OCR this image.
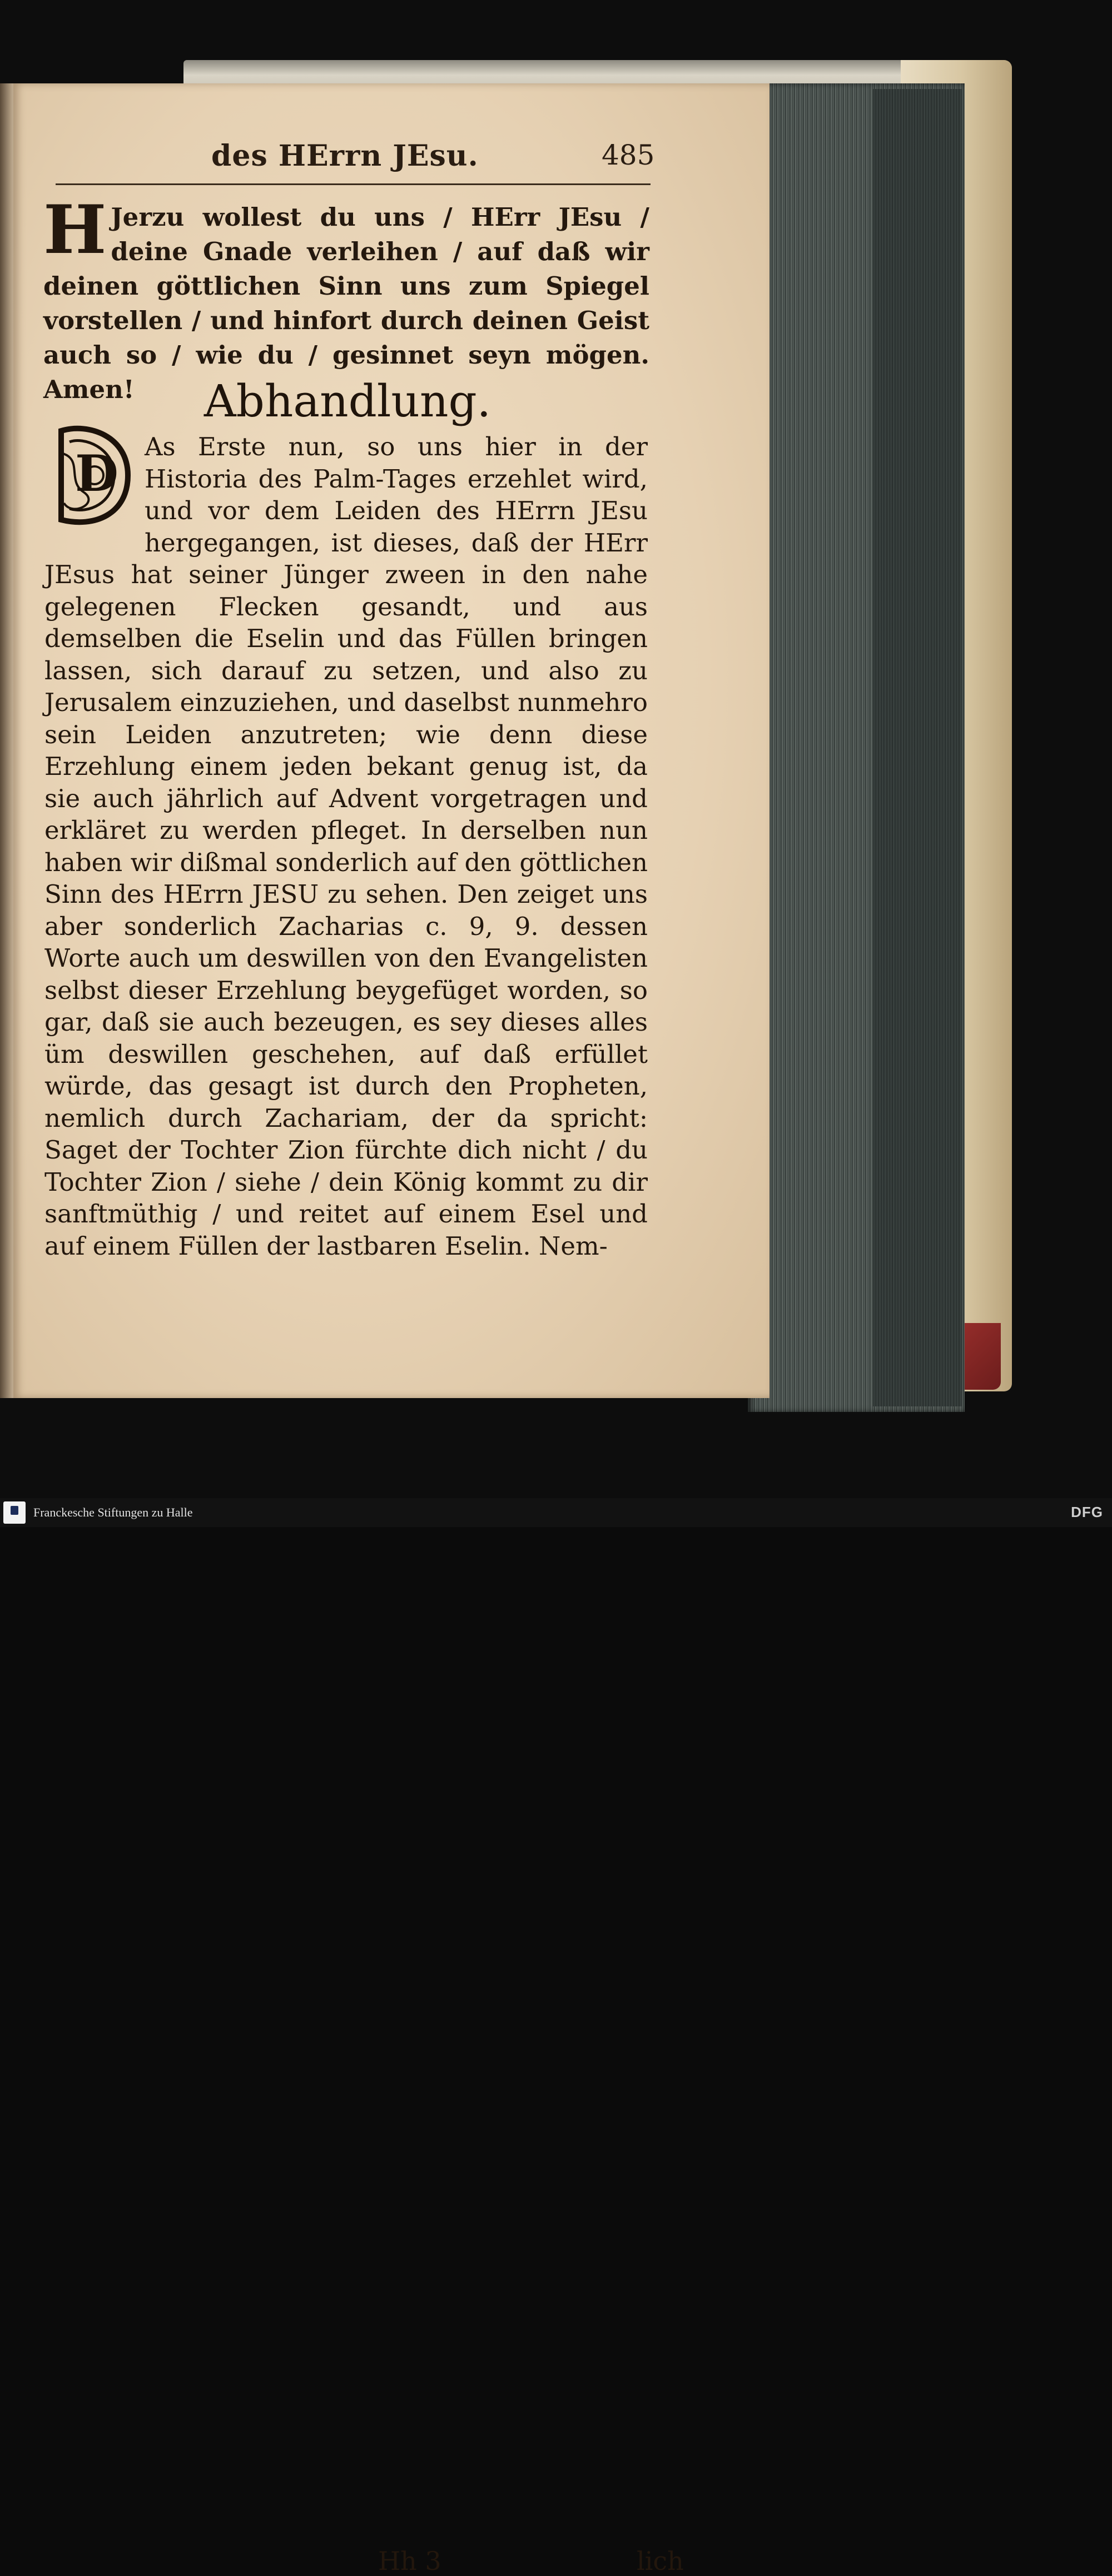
des HErrn JEsu.	485
H Jerzu wollest du uns / HErr JEsu / deine Gnade verleihen / auf daß wir deinen göttlichen Sinn uns zum Spiegel vorstellen / und hinfort durch deinen Geist auch so / wie du / gesinnet seyn mögen. Amen!	Abhandlung.
D	As Erste nun, so uns hier in der Historia des Palm-Tages erzehlet wird, und vor dem Leiden des HErrn JEsu hergegangen, ist dieses, daß der HErr JEsus hat seiner Jünger zween in den nahe gelegenen Flecken gesandt, und aus demselben die Eselin und das Füllen bringen lassen, sich darauf zu setzen, und also zu Jerusalem einzuziehen, und daselbst nunmehro sein Leiden anzutreten; wie denn diese Erzehlung einem jeden bekant genug ist, da sie auch jährlich auf Advent vorgetragen und erkläret zu werden pfleget. In derselben nun haben wir dißmal sonderlich auf den göttlichen Sinn des HErrn JESU zu sehen. Den zeiget uns aber sonderlich Zacharias c. 9, 9. dessen Worte auch um deswillen von den Evangelisten selbst dieser Erzehlung beygefüget worden, so gar, daß sie auch bezeugen, es sey dieses alles üm deswillen geschehen, auf daß erfüllet würde, das gesagt ist durch den Propheten, nemlich durch Zachariam, der da spricht: Saget der Tochter Zion fürchte dich nicht / du Tochter Zion / siehe / dein König kommt zu dir sanftmüthig / und reitet auf einem Esel und auf einem Füllen der lastbaren Eselin. Nem-
Hh 3	lich
Franckesche Stiftungen zu Halle	DFG
